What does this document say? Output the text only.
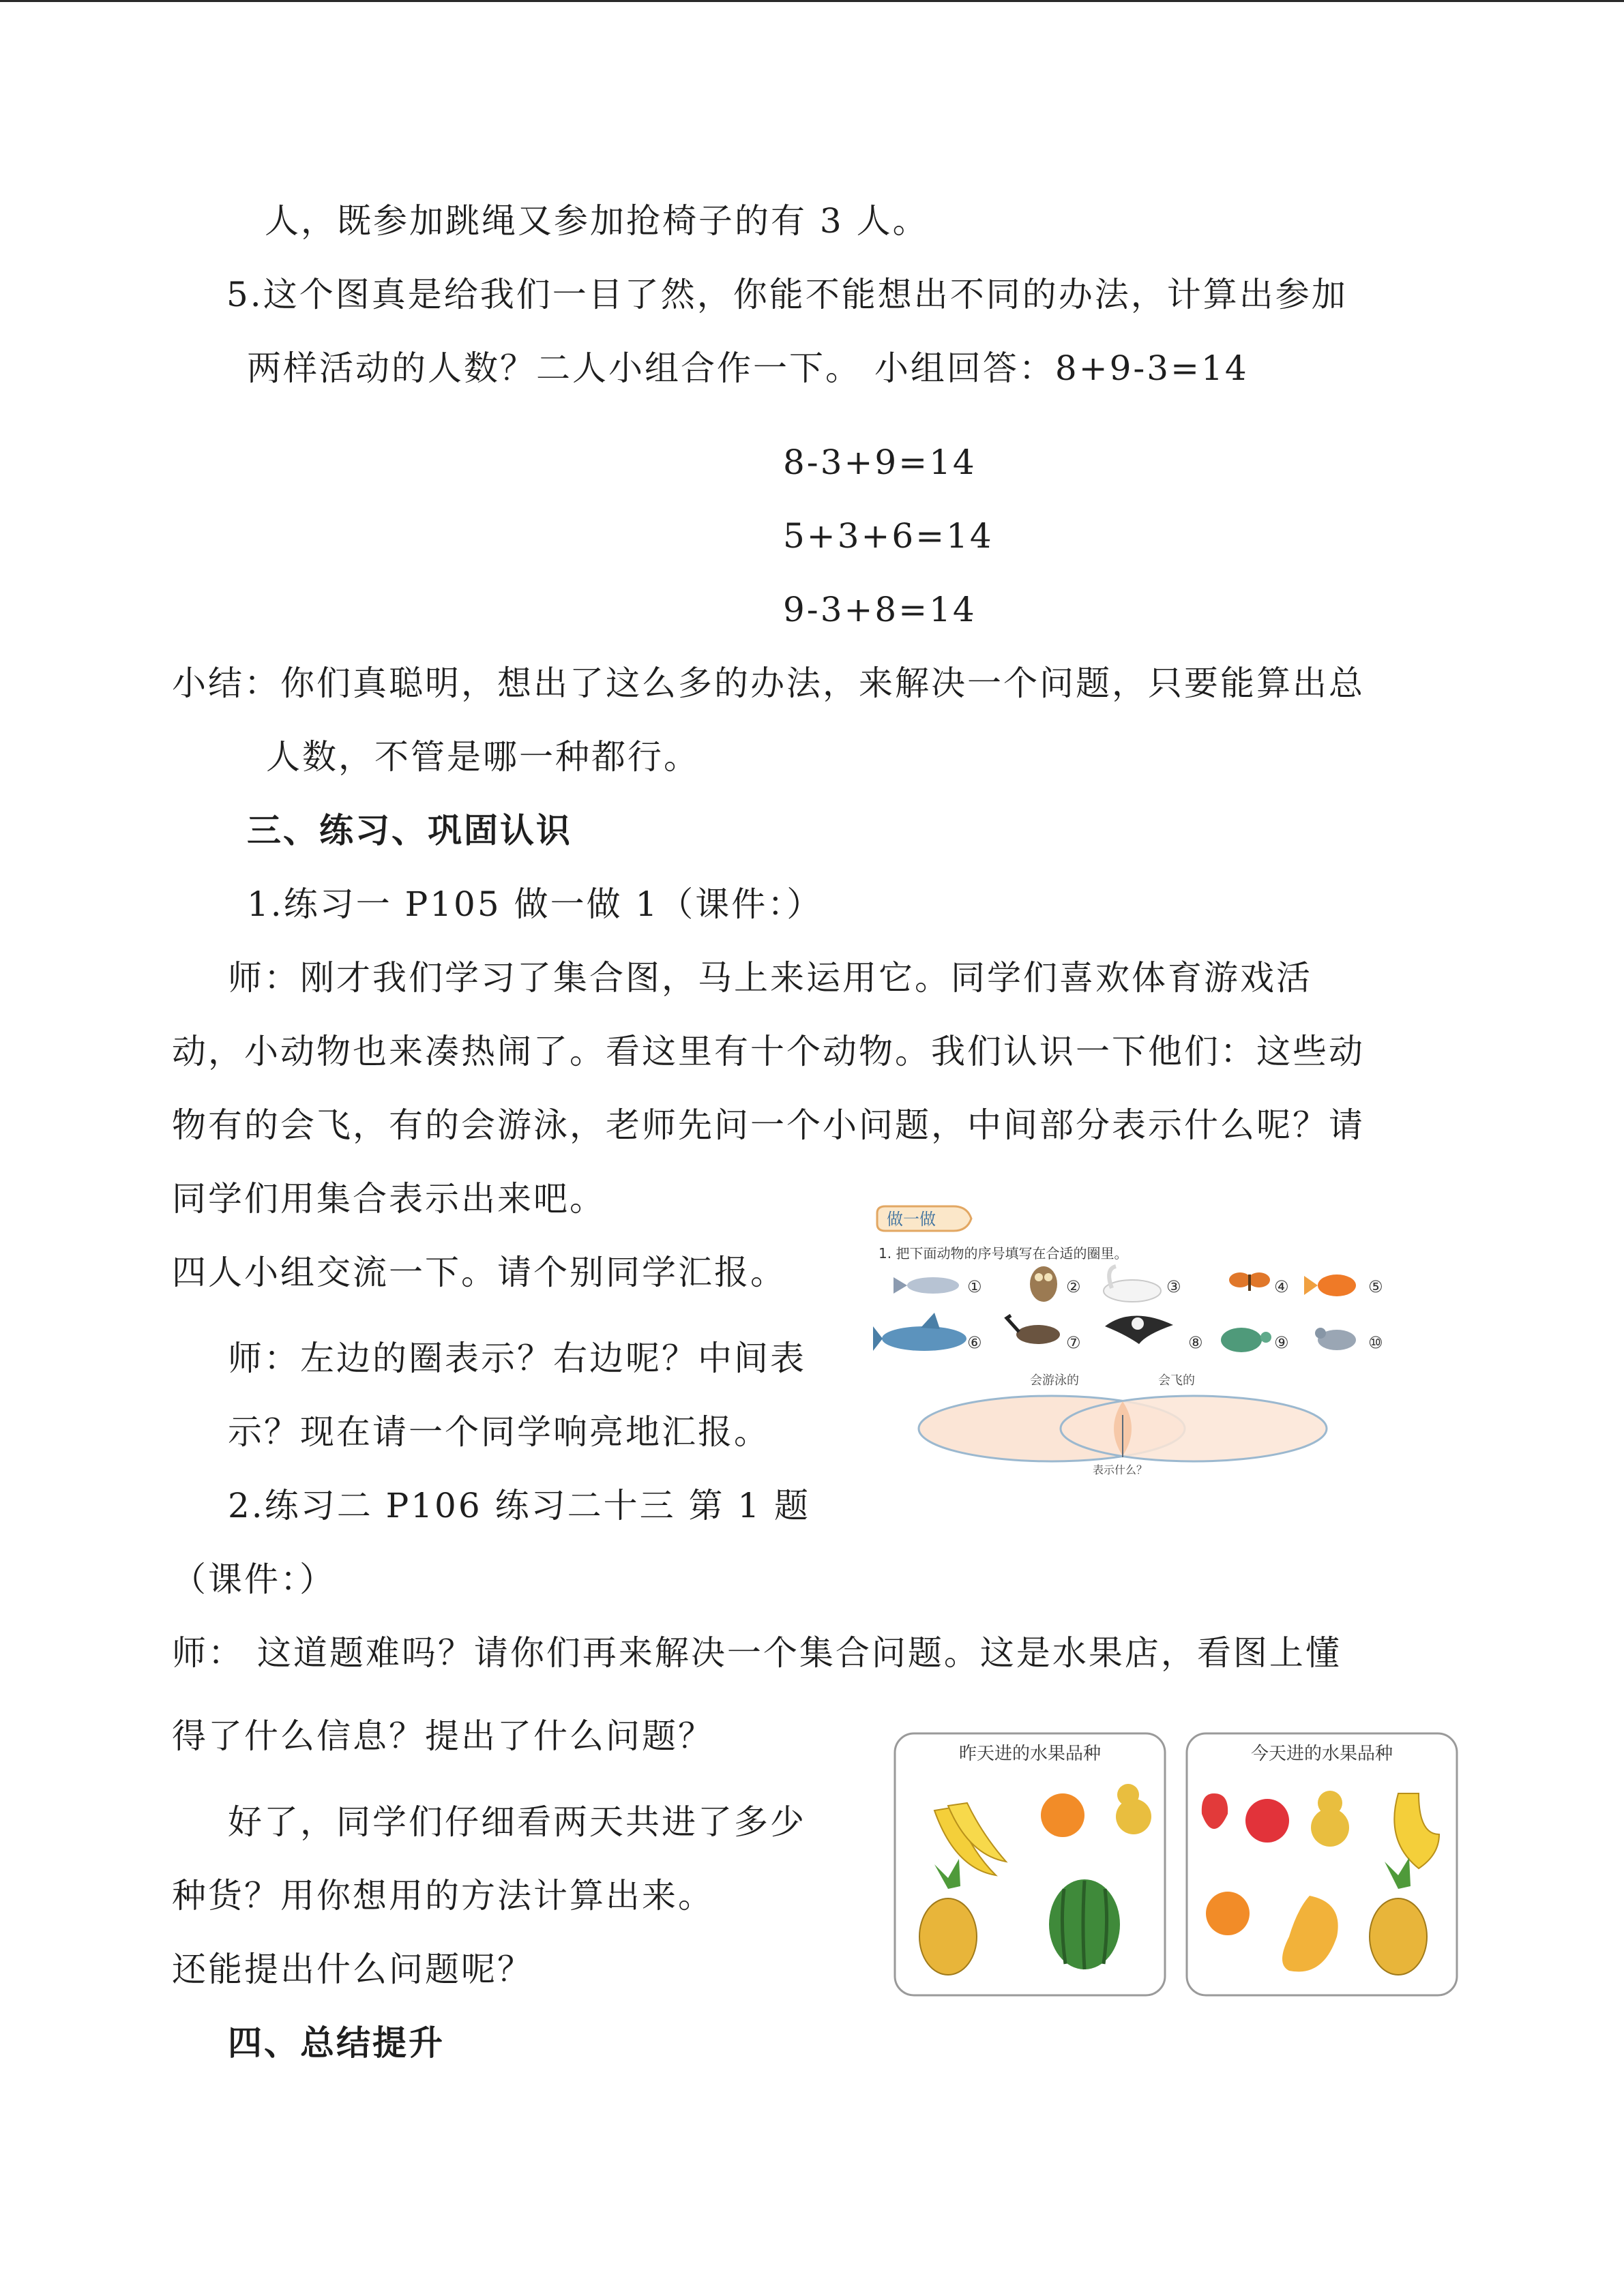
人，既参加跳绳又参加抢椅子的有 3 人。
5.这个图真是给我们一目了然，你能不能想出不同的办法，计算出参加
两样活动的人数？二人小组合作一下。 小组回答：8+9-3=14
8-3+9=14
5+3+6=14
9-3+8=14
小结：你们真聪明，想出了这么多的办法，来解决一个问题，只要能算出总
人数，不管是哪一种都行。
三、练习、巩固认识
1.练习一 P105 做一做 1（课件：）
师：刚才我们学习了集合图，马上来运用它。同学们喜欢体育游戏活
动，小动物也来凑热闹了。看这里有十个动物。我们认识一下他们：这些动
物有的会飞，有的会游泳，老师先问一个小问题，中间部分表示什么呢？请
同学们用集合表示出来吧。
四人小组交流一下。请个别同学汇报。
师：左边的圈表示？右边呢？中间表
示？现在请一个同学响亮地汇报。
2.练习二 P106 练习二十三 第 1 题
（课件：）
师： 这道题难吗？请你们再来解决一个集合问题。这是水果店，看图上懂
得了什么信息？提出了什么问题？
好了，同学们仔细看两天共进了多少
种货？用你想用的方法计算出来。
还能提出什么问题呢？
四、总结提升
做一做
1. 把下面动物的序号填写在合适的圈里。
①	②	③	④	⑤
⑥	⑦	⑧	⑨	⑩
会游泳的	会飞的
表示什么？
昨天进的水果品种	今天进的水果品种
